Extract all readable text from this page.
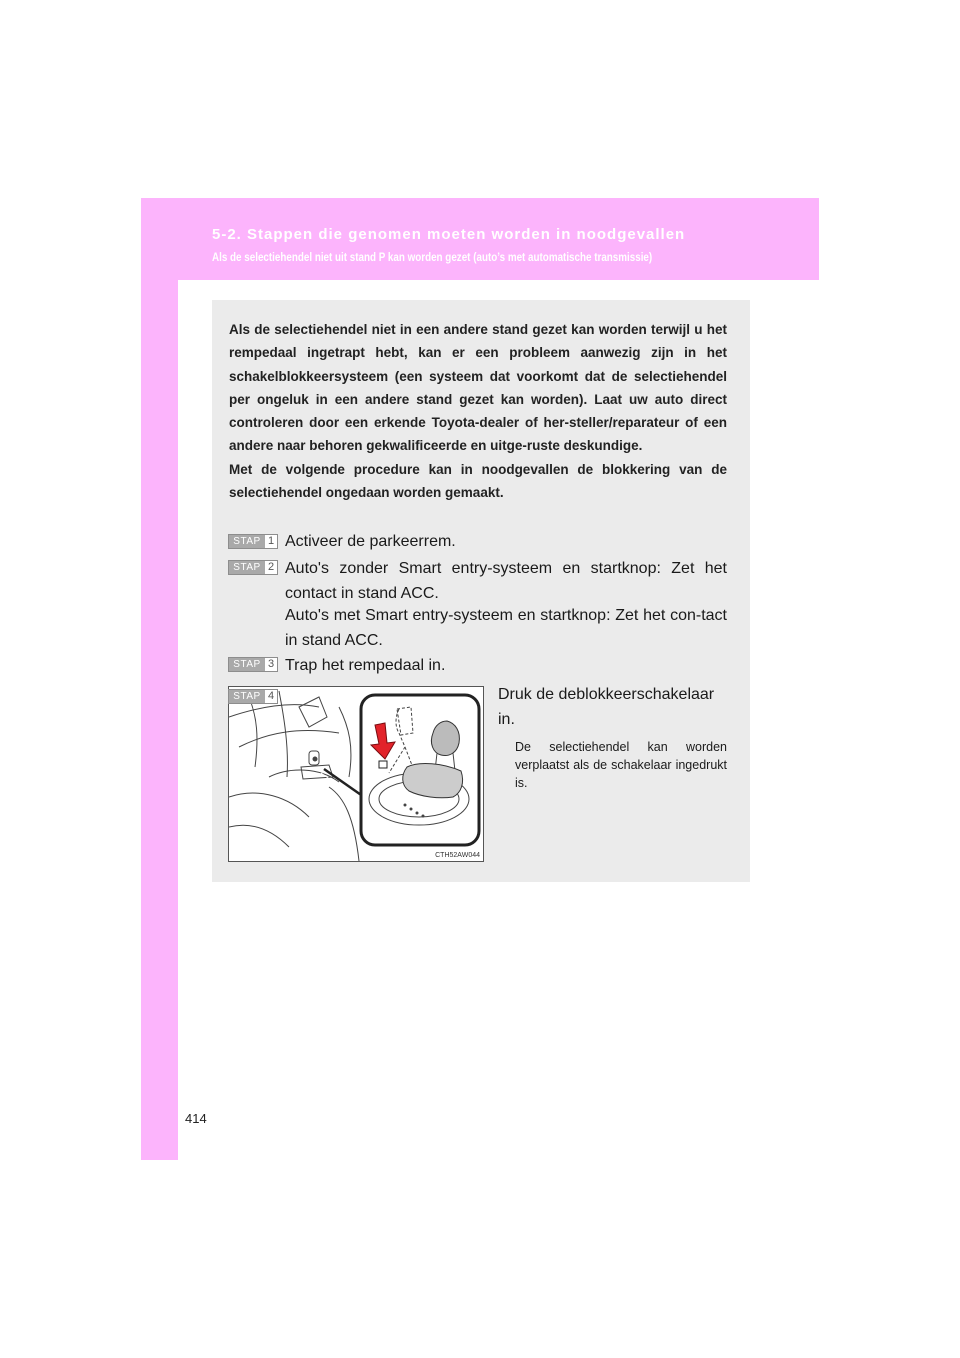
5-2. Stappen die genomen moeten worden in noodgevallen
Als de selectiehendel niet uit stand P kan worden gezet (auto’s met automatische transmissie)

Als de selectiehendel niet in een andere stand gezet kan worden terwijl u het rempedaal ingetrapt hebt, kan er een probleem aanwezig zijn in het schakelblokkeersysteem (een systeem dat voorkomt dat de selectiehendel per ongeluk in een andere stand gezet kan worden). Laat uw auto direct controleren door een erkende Toyota-dealer of her-steller/reparateur of een andere naar behoren gekwalificeerde en uitge-ruste deskundige.

Met de volgende procedure kan in noodgevallen de blokkering van de selectiehendel ongedaan worden gemaakt.

STAP 1 Activeer de parkeerrem.

STAP 2 Auto's zonder Smart entry-systeem en startknop: Zet het contact in stand ACC.

Auto's met Smart entry-systeem en startknop: Zet het con-tact in stand ACC.

STAP 3 Trap het rempedaal in.

STAP 4	Druk de deblokkeerschakelaar in.

De selectiehendel kan worden verplaatst als de schakelaar ingedrukt is.

CTH52AW044
414
